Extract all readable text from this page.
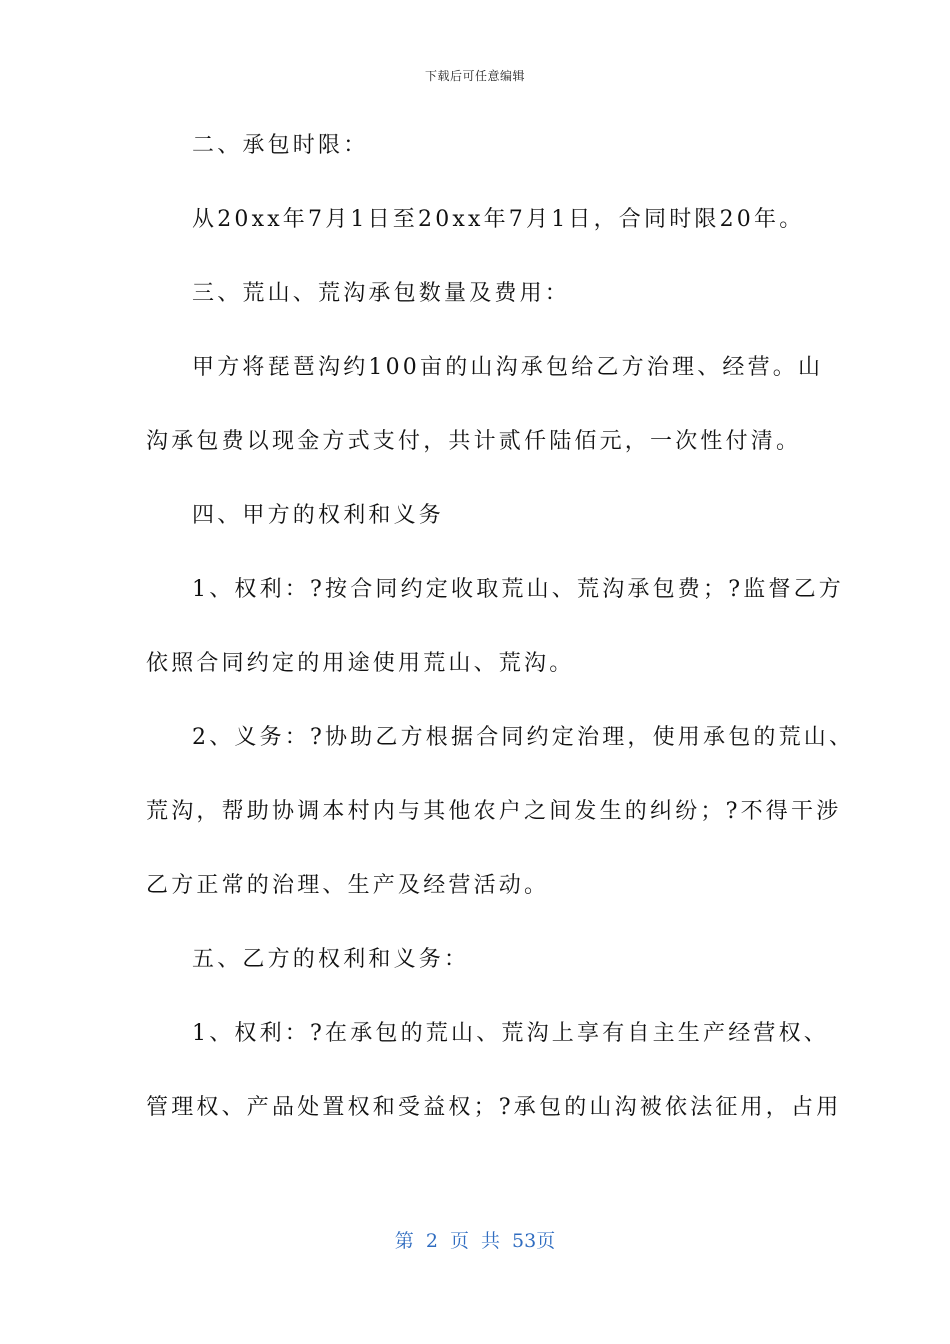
下载后可任意编辑
二、承包时限：
从20xx年7月1日至20xx年7月1日，合同时限20年。
三、荒山、荒沟承包数量及费用：
甲方将琵琶沟约100亩的山沟承包给乙方治理、经营。山
沟承包费以现金方式支付，共计贰仟陆佰元，一次性付清。
四、甲方的权利和义务
1、权利：?按合同约定收取荒山、荒沟承包费；?监督乙方
依照合同约定的用途使用荒山、荒沟。
2、义务：?协助乙方根据合同约定治理，使用承包的荒山、
荒沟，帮助协调本村内与其他农户之间发生的纠纷；?不得干涉
乙方正常的治理、生产及经营活动。
五、乙方的权利和义务：
1、权利：?在承包的荒山、荒沟上享有自主生产经营权、
管理权、产品处置权和受益权；?承包的山沟被依法征用，占用
第 2 页 共 53页
